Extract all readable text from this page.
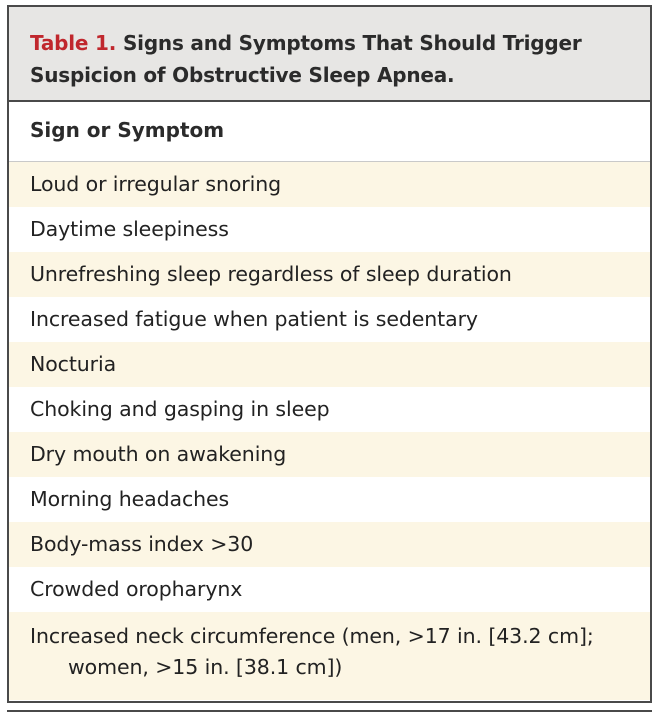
Table 1. Signs and Symptoms That Should Trigger Suspicion of Obstructive Sleep Apnea.
Sign or Symptom
Loud or irregular snoring
Daytime sleepiness
Unrefreshing sleep regardless of sleep duration
Increased fatigue when patient is sedentary
Nocturia
Choking and gasping in sleep
Dry mouth on awakening
Morning headaches
Body-mass index >30
Crowded oropharynx
Increased neck circumference (men, >17 in. [43.2 cm];
women, >15 in. [38.1 cm])
